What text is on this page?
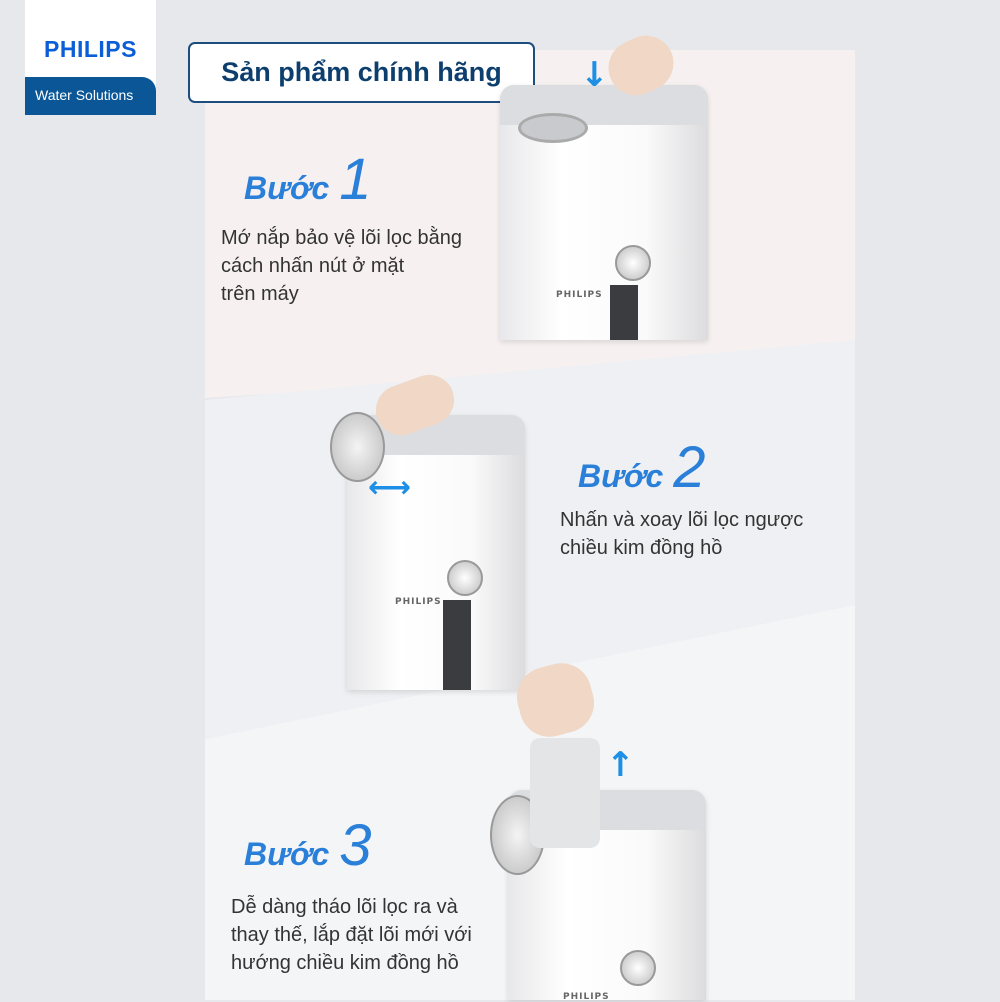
PHILIPS
Water Solutions
Sản phẩm chính hãng
PHILIPS
↓
Bước 1
Mớ nắp bảo vệ lõi lọc bằng
cách nhấn nút ở mặt
trên máy
PHILIPS
⟷	Bước 2
Nhấn và xoay lõi lọc ngược
chiều kim đồng hồ
PHILIPS
↑
Bước 3
Dễ dàng tháo lõi lọc ra và
thay thế, lắp đặt lõi mới với
hướng chiều kim đồng hồ
